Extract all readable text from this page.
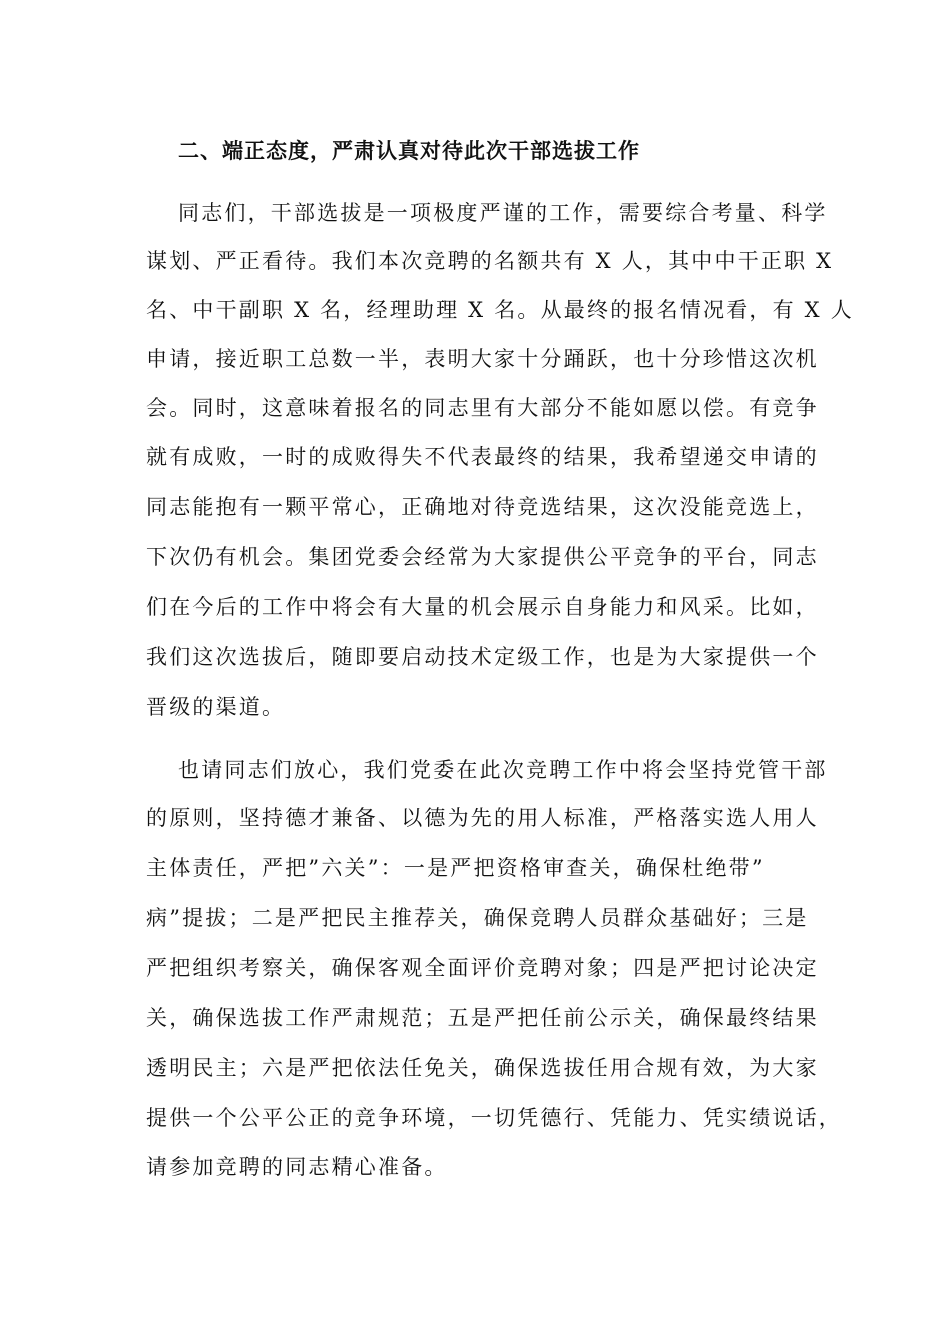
二、端正态度，严肃认真对待此次干部选拔工作
同志们，干部选拔是一项极度严谨的工作，需要综合考量、科学
谋划、严正看待。我们本次竞聘的名额共有 X 人，其中中干正职 X
名、中干副职 X 名，经理助理 X 名。从最终的报名情况看，有 X 人
申请，接近职工总数一半，表明大家十分踊跃，也十分珍惜这次机
会。同时，这意味着报名的同志里有大部分不能如愿以偿。有竞争
就有成败，一时的成败得失不代表最终的结果，我希望递交申请的
同志能抱有一颗平常心，正确地对待竞选结果，这次没能竞选上，
下次仍有机会。集团党委会经常为大家提供公平竞争的平台，同志
们在今后的工作中将会有大量的机会展示自身能力和风采。比如，
我们这次选拔后，随即要启动技术定级工作，也是为大家提供一个
晋级的渠道。
也请同志们放心，我们党委在此次竞聘工作中将会坚持党管干部
的原则，坚持德才兼备、以德为先的用人标准，严格落实选人用人
主体责任，严把”六关”：一是严把资格审查关，确保杜绝带”
病”提拔；二是严把民主推荐关，确保竞聘人员群众基础好；三是
严把组织考察关，确保客观全面评价竞聘对象；四是严把讨论决定
关，确保选拔工作严肃规范；五是严把任前公示关，确保最终结果
透明民主；六是严把依法任免关，确保选拔任用合规有效，为大家
提供一个公平公正的竞争环境，一切凭德行、凭能力、凭实绩说话，
请参加竞聘的同志精心准备。
